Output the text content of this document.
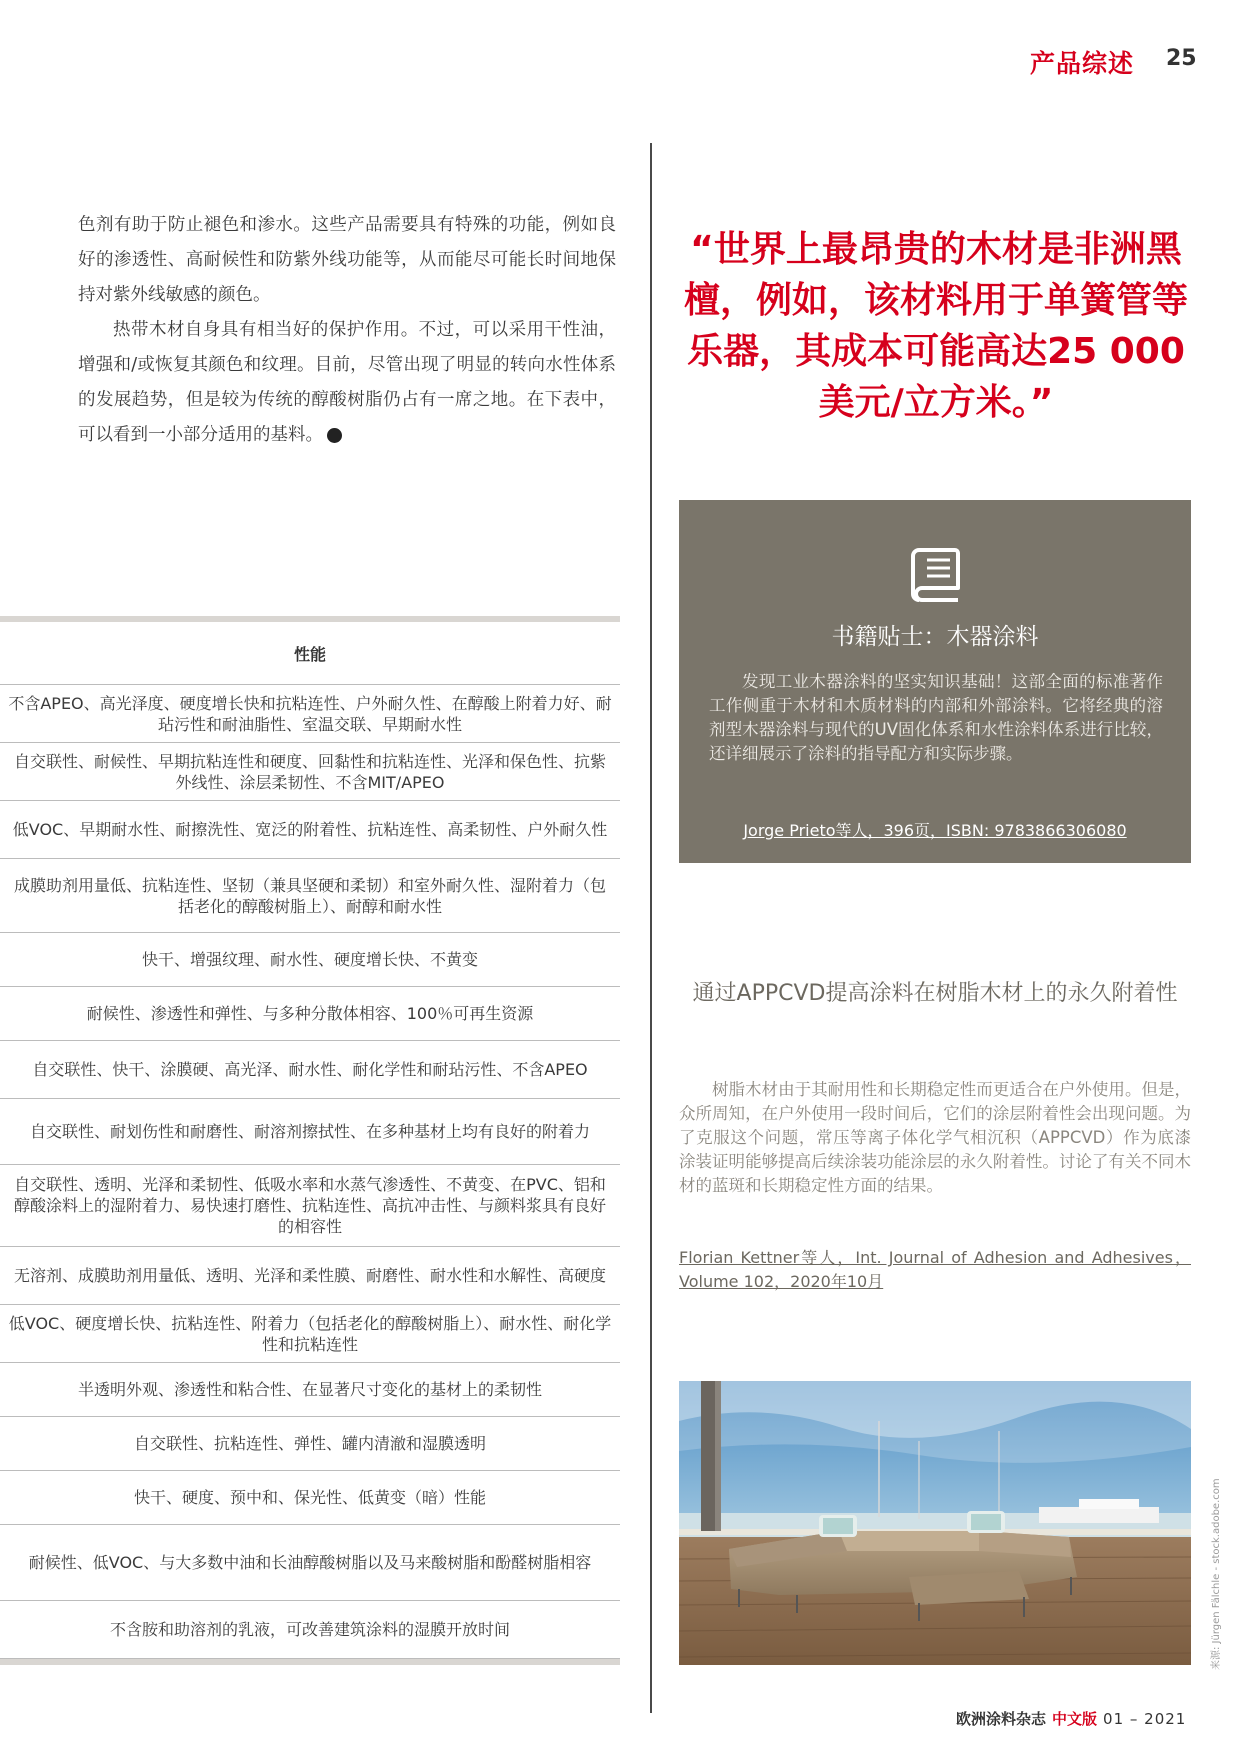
产品综述 25

色剂有助于防止褪色和渗水。这些产品需要具有特殊的功能，例如良好的渗透性、高耐候性和防紫外线功能等，从而能尽可能长时间地保持对紫外线敏感的颜色。

热带木材自身具有相当好的保护作用。不过，可以采用干性油，增强和/或恢复其颜色和纹理。目前，尽管出现了明显的转向水性体系的发展趋势，但是较为传统的醇酸树脂仍占有一席之地。在下表中，可以看到一小部分适用的基料。	❯

性能
不含APEO、高光泽度、硬度增长快和抗粘连性、户外耐久性、在醇酸上附着力好、耐玷污性和耐油脂性、室温交联、早期耐水性
自交联性、耐候性、早期抗粘连性和硬度、回黏性和抗粘连性、光泽和保色性、抗紫外线性、涂层柔韧性、不含MIT/APEO
低VOC、早期耐水性、耐擦洗性、宽泛的附着性、抗粘连性、高柔韧性、户外耐久性
成膜助剂用量低、抗粘连性、坚韧（兼具坚硬和柔韧）和室外耐久性、湿附着力（包括老化的醇酸树脂上）、耐醇和耐水性
快干、增强纹理、耐水性、硬度增长快、不黄变
耐候性、渗透性和弹性、与多种分散体相容、100％可再生资源
自交联性、快干、涂膜硬、高光泽、耐水性、耐化学性和耐玷污性、不含APEO
自交联性、耐划伤性和耐磨性、耐溶剂擦拭性、在多种基材上均有良好的附着力
自交联性、透明、光泽和柔韧性、低吸水率和水蒸气渗透性、不黄变、在PVC、铝和醇酸涂料上的湿附着力、易快速打磨性、抗粘连性、高抗冲击性、与颜料浆具有良好的相容性
无溶剂、成膜助剂用量低、透明、光泽和柔性膜、耐磨性、耐水性和水解性、高硬度
低VOC、硬度增长快、抗粘连性、附着力（包括老化的醇酸树脂上）、耐水性、耐化学性和抗粘连性
半透明外观、渗透性和粘合性、在显著尺寸变化的基材上的柔韧性
自交联性、抗粘连性、弹性、罐内清澈和湿膜透明
快干、硬度、预中和、保光性、低黄变（暗）性能
耐候性、低VOC、与大多数中油和长油醇酸树脂以及马来酸树脂和酚醛树脂相容
不含胺和助溶剂的乳液，可改善建筑涂料的湿膜开放时间
“世界上最昂贵的木材是非洲黑檀，例如，该材料用于单簧管等乐器，其成本可能高达25 000美元/立方米。”
书籍贴士：木器涂料
发现工业木器涂料的坚实知识基础！这部全面的标准著作工作侧重于木材和木质材料的内部和外部涂料。它将经典的溶剂型木器涂料与现代的UV固化体系和水性涂料体系进行比较，还详细展示了涂料的指导配方和实际步骤。
Jorge Prieto等人，396页，ISBN: 9783866306080
通过APPCVD提高涂料在树脂木材上的永久附着性
树脂木材由于其耐用性和长期稳定性而更适合在户外使用。但是，众所周知，在户外使用一段时间后，它们的涂层附着性会出现问题。为了克服这个问题，常压等离子体化学气相沉积（APPCVD）作为底漆涂装证明能够提高后续涂装功能涂层的永久附着性。讨论了有关不同木材的蓝斑和长期稳定性方面的结果。
Florian Kettner等人，Int. Journal of Adhesion and Adhesives，Volume 102，2020年10月
来源: Jürgen Fälchle - stock.adobe.com
欧洲涂料杂志 中文版 01 – 2021
